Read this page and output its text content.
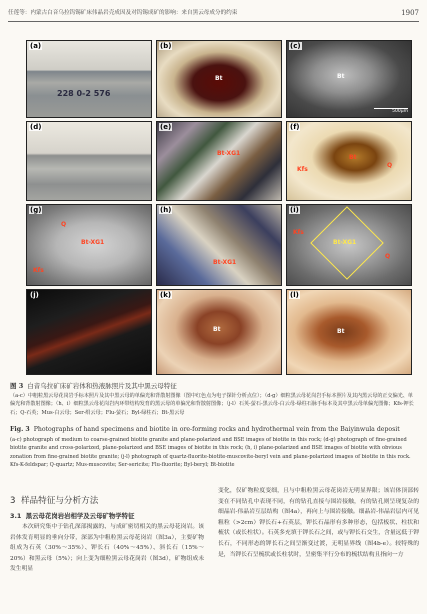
任莲等：内蒙古白音乌拉钨锡矿床伟晶岩壳成因及对钨锡成矿的影响：来自黑云母成分的约束	1907
(a)
228 0-2 576
(b)
Bt
(c)
Bt
500μm
(d)	(e)
Bt-XG1
(f)
Bt
Kfs
Q
(g)
Bt-XG1
Q
Kfs
(h)
Bt-XG1
(i)
Bt-XG1
Kfs
Q
(j)	(k)
Bt
(l)
Bt
图 3 白音乌拉矿床矿岩体和热液脉照片及其中黑云母特征
（a-c）中粗粒黑云母花岗岩手标本照片及其中黑云母的单偏光和背散射图像（图中红色点为电子探针分析点位）；（d-g）细粒黑云母花岗岩手标本照片及其内黑云母的正交偏光、单偏光和背散射图像；（h、i）细粒黑云母花岗岩内环带结构发育的黑云母的单偏光和背散射图像；（j-l）石英-萤石-黑云母-白云母-绿柱石脉手标本及其中黑云母单偏光图像；Kfs-钾长石；Q-石英；Mus-白云母；Ser-绢云母；Flu-萤石；Byl-绿柱石；Bt-黑云母
Fig. 3 Photographs of hand specimens and biotite in ore-forming rocks and hydrothermal vein from the Baiyinwula deposit
(a-c) photograph of medium to coarse-grained biotite granite and plane-polarized and BSE images of biotite in this rock; (d-g) photograph of fine-grained biotite granite and cross-polarized, plane-polarized and BSE images of biotite in this rock; (h, i) plane-polarized and BSE images of biotite with obvious zonation from fine-grained biotite granite; (j-l) photograph of quartz-fluorite-biotite-muscovite-beryl vein and plane-polarized images of biotite in this rock. Kfs-K-feldspar; Q-quartz; Mus-muscovite; Ser-sericite; Flu-fluorite; Byl-beryl; Bt-biotite
3 样品特征与分析方法
3.1 黑云母花岗岩岩相学及云母矿物学特征
本次研究集中于钻孔深部揭露的、与成矿密切相关的黑云母花岗岩。该岩体发育明显的垂向分带，深部为中粗粒黑云母花岗岩（图3a），主要矿物组成为石英（30%～35%）、钾长石（40%～45%）、斜长石（15%～20%）和黑云母（5%）；向上变为细粒黑云母花岗岩（图3d），矿物组成未发生明显
变化，仅矿物粒度变细，且与中粗粒黑云母花岗岩无明显界限；该岩体顶部转变在不同钻孔中表现不同，有的钻孔直接与围岩接触，有的钻孔则呈现复杂的细晶岩-伟晶岩互层结构（图4a），再向上与围岩接触。细晶岩-伟晶岩层内可见粗粒（>2cm）钾长石+石英层，钾长石晶形有多种形态，包括板状、柱状和梳状（或长柱状）。石英多充填于钾长石之间，或与钾长石交生，含量远低于钾长石，不同形态的钾长石之间呈渐变过渡，无明显界线（图4b-e）。较特殊的是，当钾长石呈梳状或长柱状时，呈密集平行分布的梳状结构且指向一方
